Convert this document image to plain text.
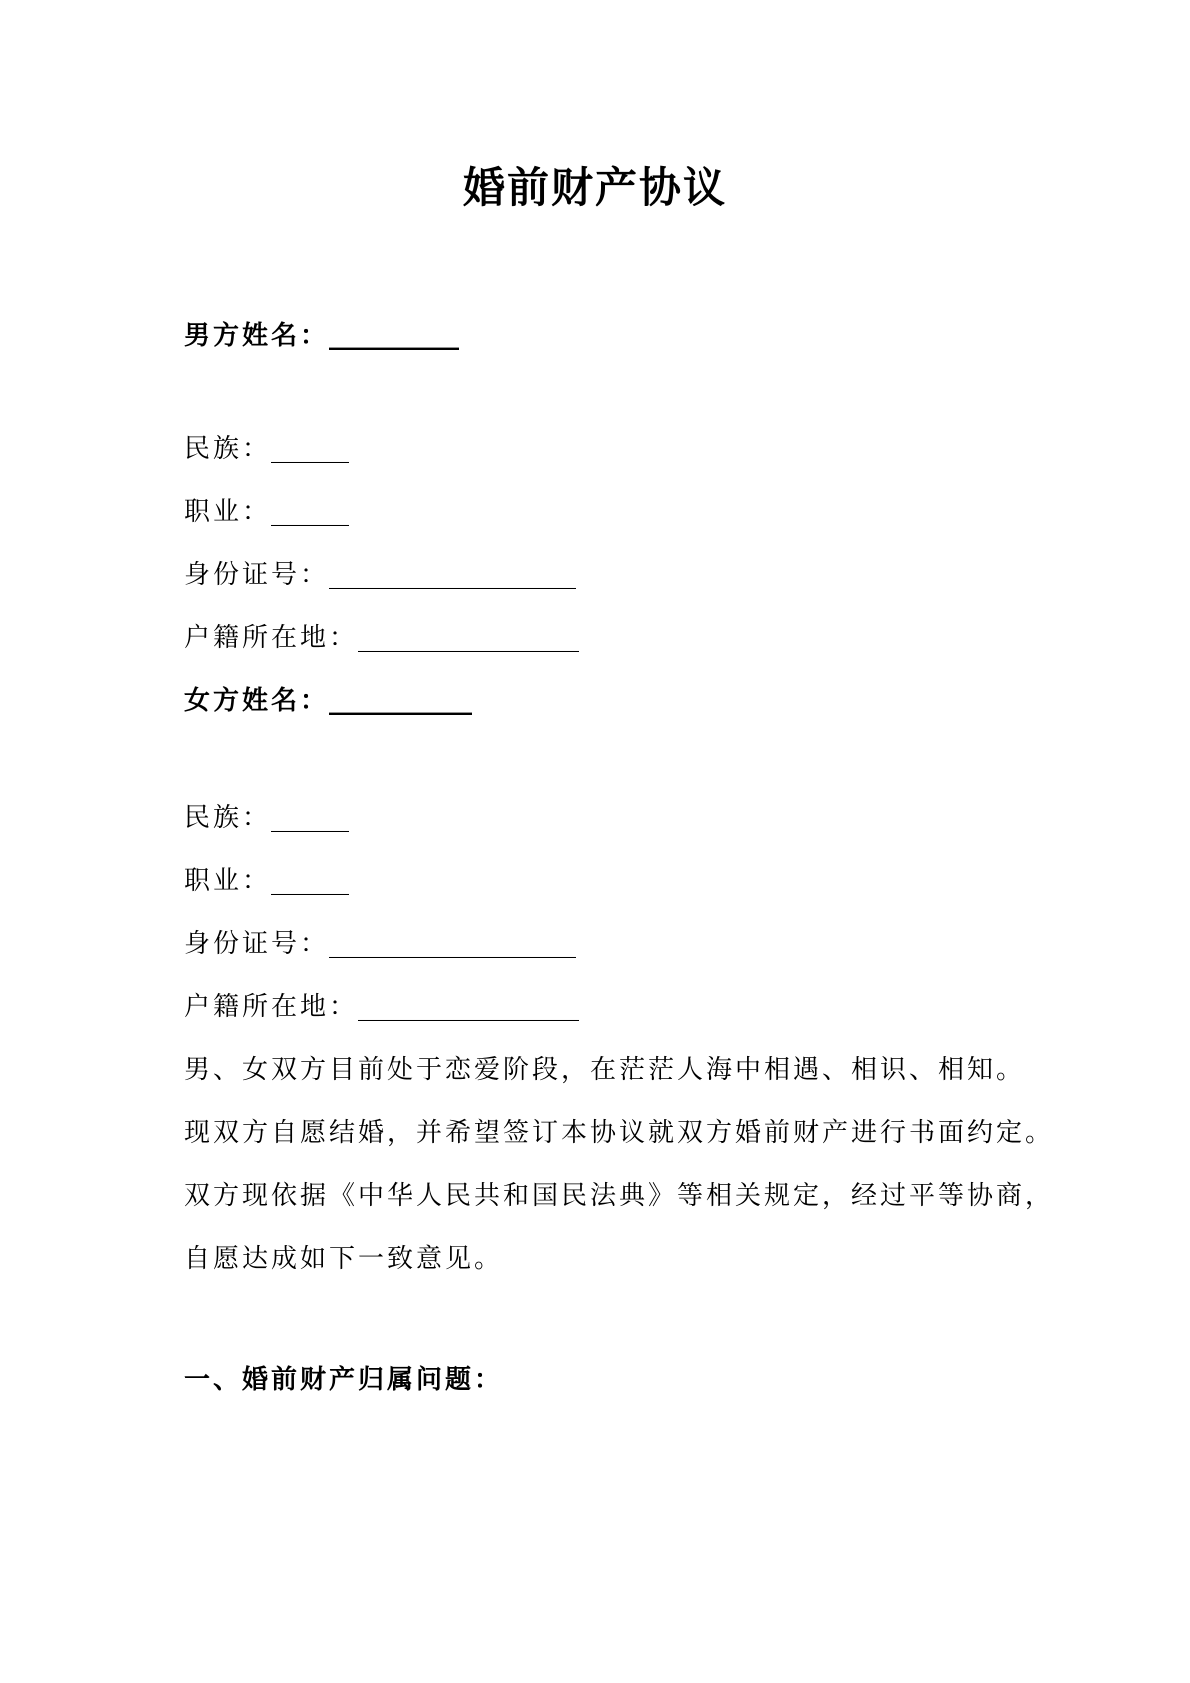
婚前财产协议
男方姓名：__________
民族：______
职业：______
身份证号：___________________
户籍所在地：_________________
女方姓名：___________
民族：______
职业：______
身份证号：___________________
户籍所在地：_________________
男、女双方目前处于恋爱阶段，在茫茫人海中相遇、相识、相知。
现双方自愿结婚，并希望签订本协议就双方婚前财产进行书面约定。
双方现依据《中华人民共和国民法典》等相关规定，经过平等协商，
自愿达成如下一致意见。
一、婚前财产归属问题：
